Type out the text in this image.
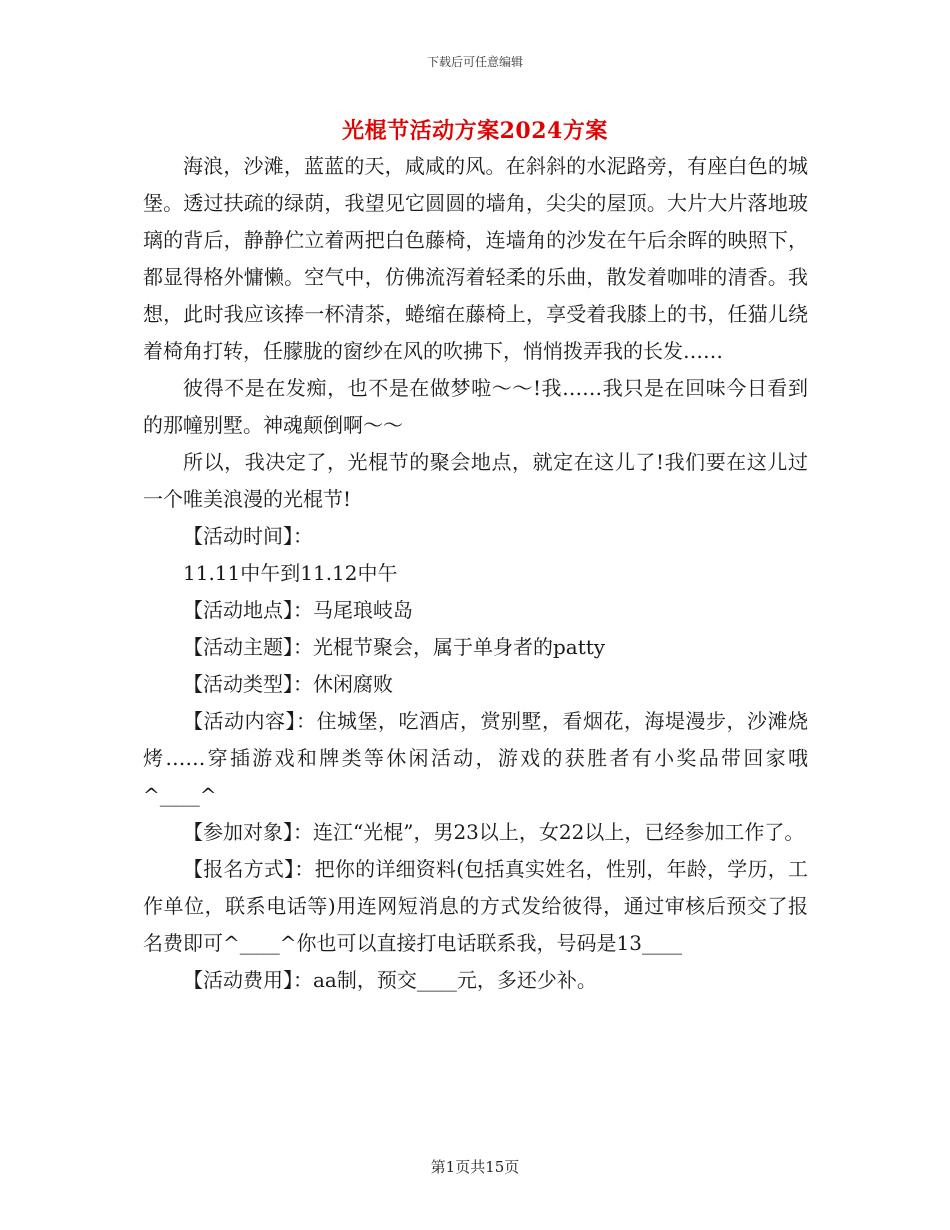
下载后可任意编辑
光棍节活动方案2024方案

海浪，沙滩，蓝蓝的天，咸咸的风。在斜斜的水泥路旁，有座白色的城堡。透过扶疏的绿荫，我望见它圆圆的墙角，尖尖的屋顶。大片大片落地玻璃的背后，静静伫立着两把白色藤椅，连墙角的沙发在午后余晖的映照下，都显得格外慵懒。空气中，仿佛流泻着轻柔的乐曲，散发着咖啡的清香。我想，此时我应该捧一杯清茶，蜷缩在藤椅上，享受着我膝上的书，任猫儿绕着椅角打转，任朦胧的窗纱在风的吹拂下，悄悄拨弄我的长发……

彼得不是在发痴，也不是在做梦啦～～!我……我只是在回味今日看到的那幢别墅。神魂颠倒啊～～

所以，我决定了，光棍节的聚会地点，就定在这儿了!我们要在这儿过一个唯美浪漫的光棍节!

【活动时间】：

11.11中午到11.12中午

【活动地点】：马尾琅岐岛

【活动主题】：光棍节聚会，属于单身者的patty

【活动类型】：休闲腐败

【活动内容】：住城堡，吃酒店，赏别墅，看烟花，海堤漫步，沙滩烧烤……穿插游戏和牌类等休闲活动，游戏的获胜者有小奖品带回家哦^____^

【参加对象】：连江“光棍”，男23以上，女22以上，已经参加工作了。

【报名方式】：把你的详细资料(包括真实姓名，性别，年龄，学历，工作单位，联系电话等)用连网短消息的方式发给彼得，通过审核后预交了报名费即可^____^你也可以直接打电话联系我，号码是13____

【活动费用】：aa制，预交____元，多还少补。

第1页共15页
